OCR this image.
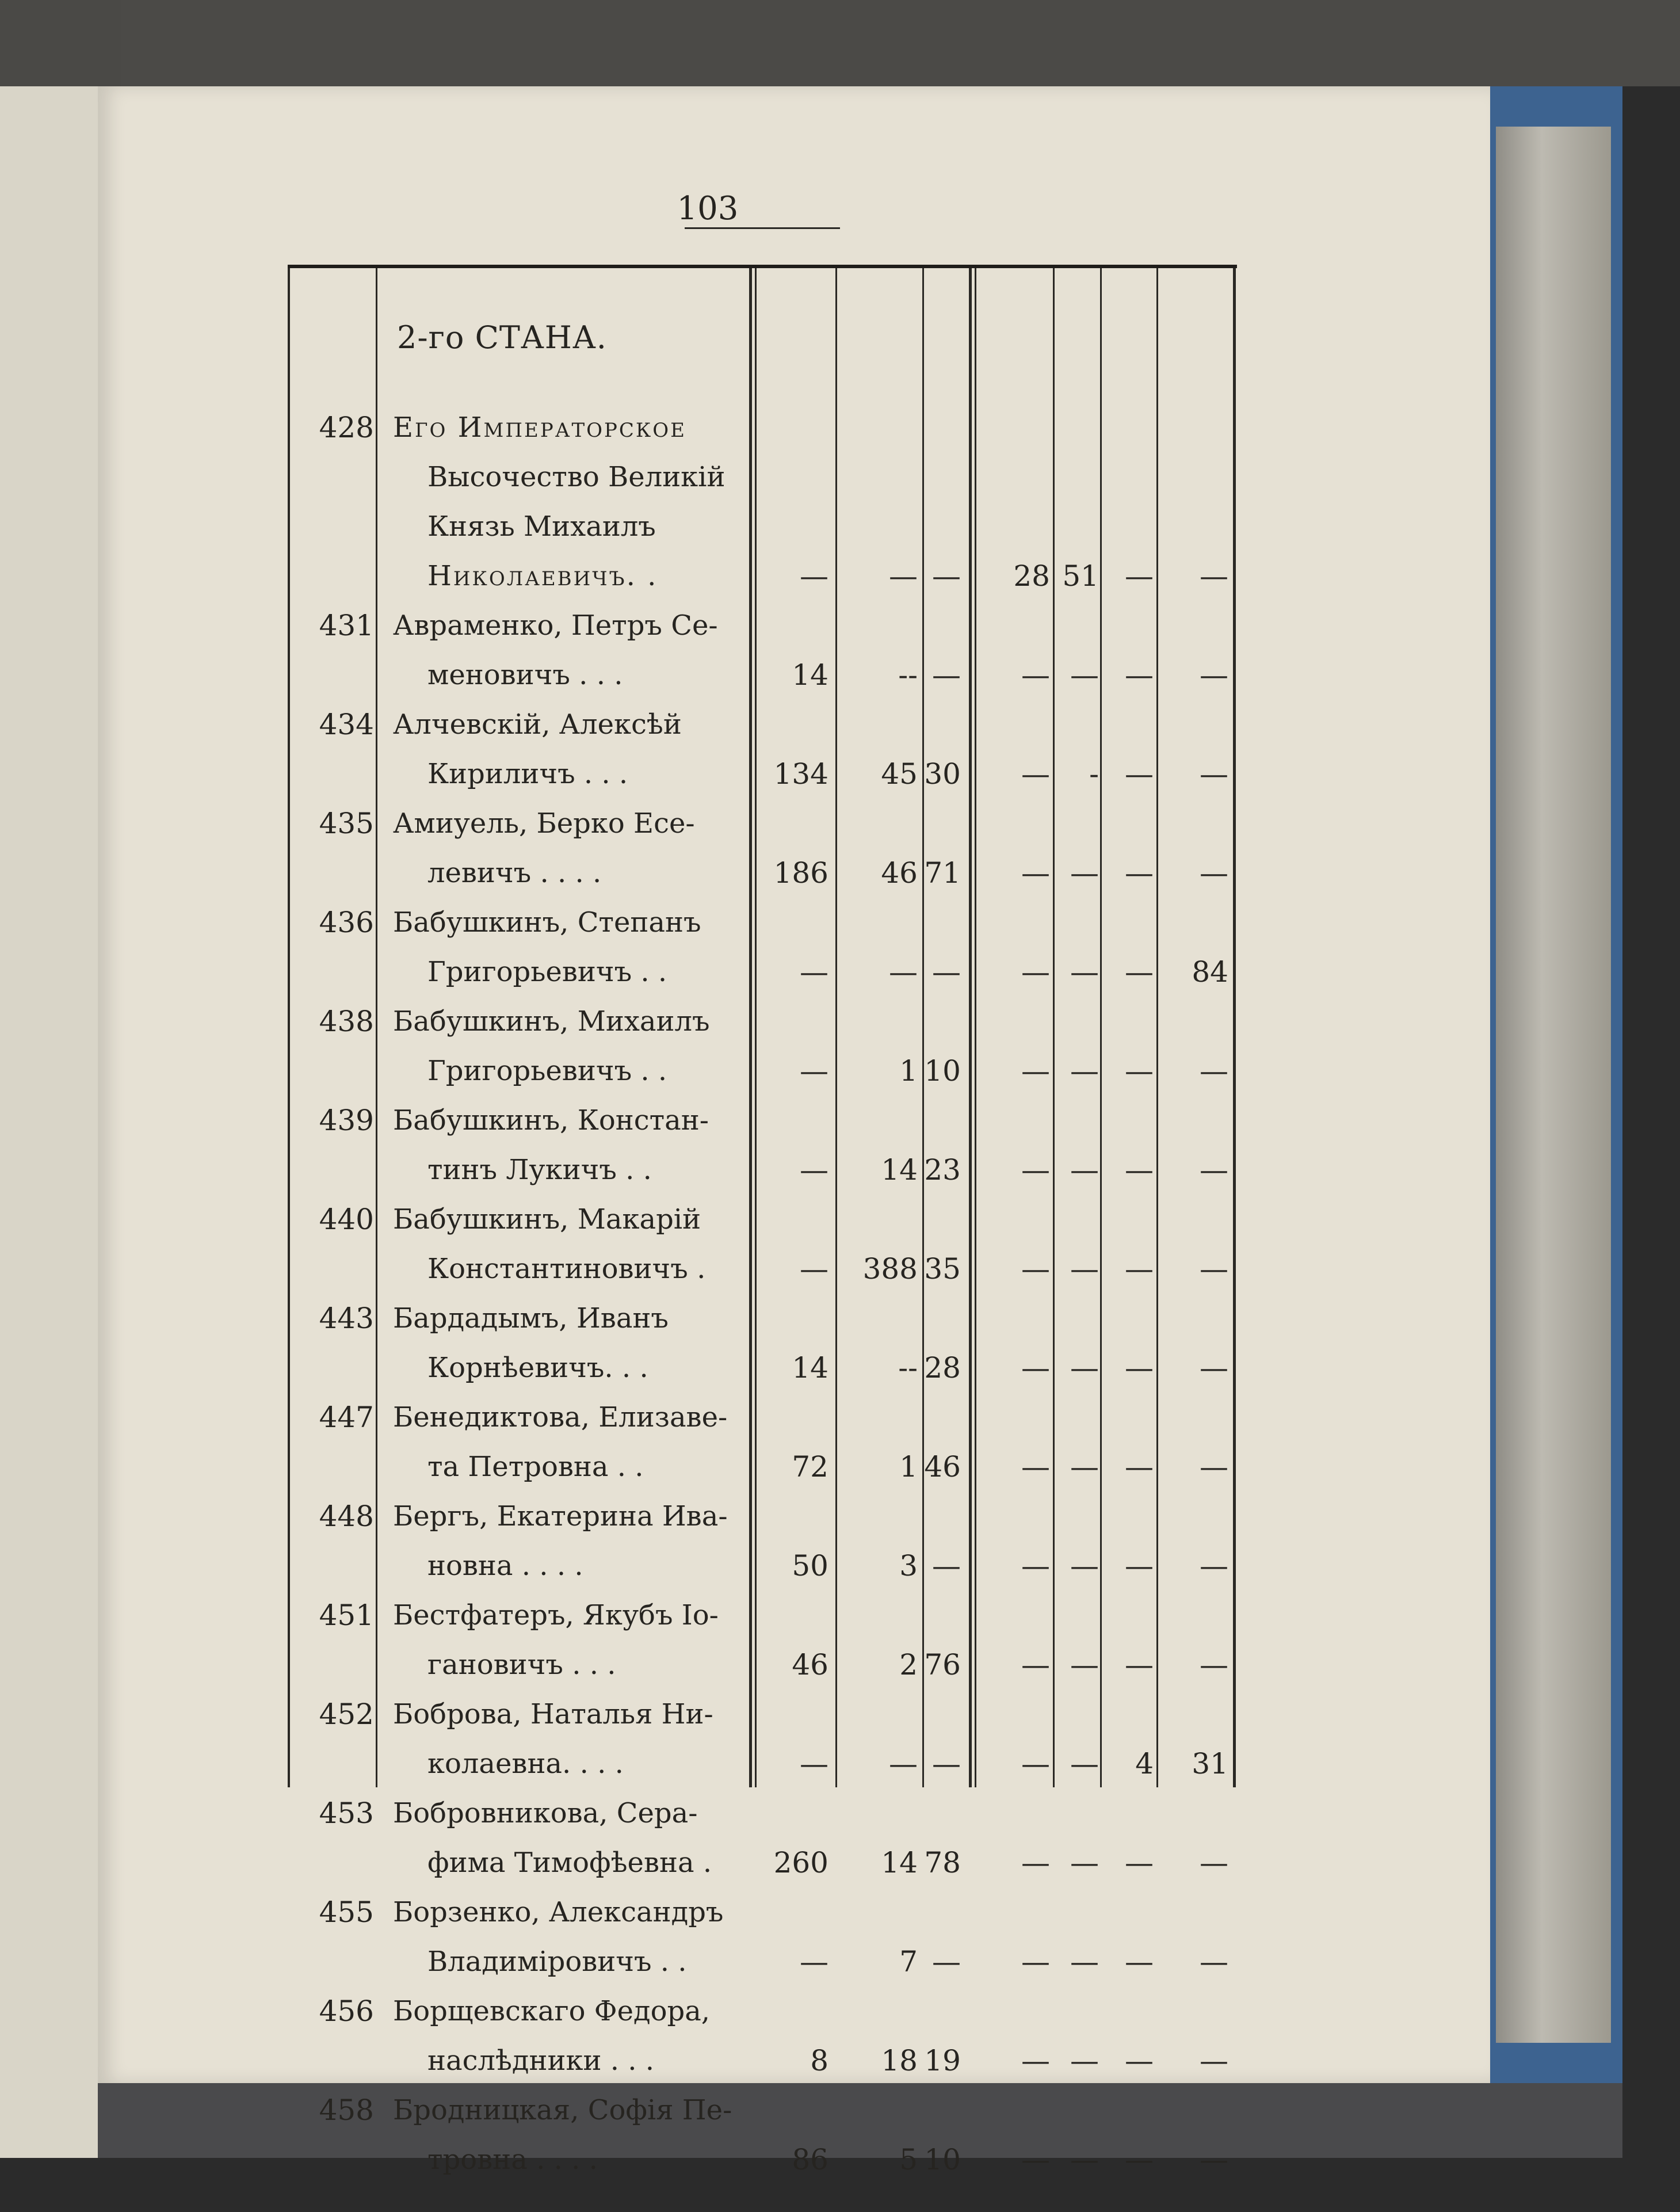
103
2-го СТАНА.
428 Его Императорское
Высочество Великій
Князь Михаилъ
Николаевичъ. .	—	— —	28 51 —	—
431 Авраменко, Петръ Се-
меновичъ . . .	14	-- —	— — —	—
434 Алчевскій, Алексѣй
Кириличъ . . .	134	45 30	—	- —	—
435 Амиуель, Берко Есе-
левичъ . . . .	186	46 71	— — —	—
436 Бабушкинъ, Степанъ
Григорьевичъ . .	—	— —	— — —	84
438 Бабушкинъ, Михаилъ
Григорьевичъ . .	—	1 10	— — —	—
439 Бабушкинъ, Констан-
тинъ Лукичъ . .	—	14 23	— — —	—
440 Бабушкинъ, Макарій
Константиновичъ .	—	388 35	— — —	—
443 Бардадымъ, Иванъ
Корнѣевичъ. . .	14	-- 28	— — —	—
447 Бенедиктова, Елизаве-
та Петровна . .	72	1 46	— — —	—
448 Бергъ, Екатерина Ива-
новна . . . .	50	3 —	— — —	—
451 Бестфатеръ, Якубъ Іо-
гановичъ . . .	46	2 76	— — —	—
452 Боброва, Наталья Ни-
колаевна. . . .	—	— —	— —	4	31
453 Бобровникова, Сера-
фима Тимофѣевна .	260	14 78	— — —	—
455 Борзенко, Александръ
Владиміровичъ . .	—	7 —	— — —	—
456 Борщевскаго Федора,
наслѣдники . . .	8	18 19	— — —	—
458 Бродницкая, Софія Пе-
тровна . . . .	86	5 10	— — —	—
